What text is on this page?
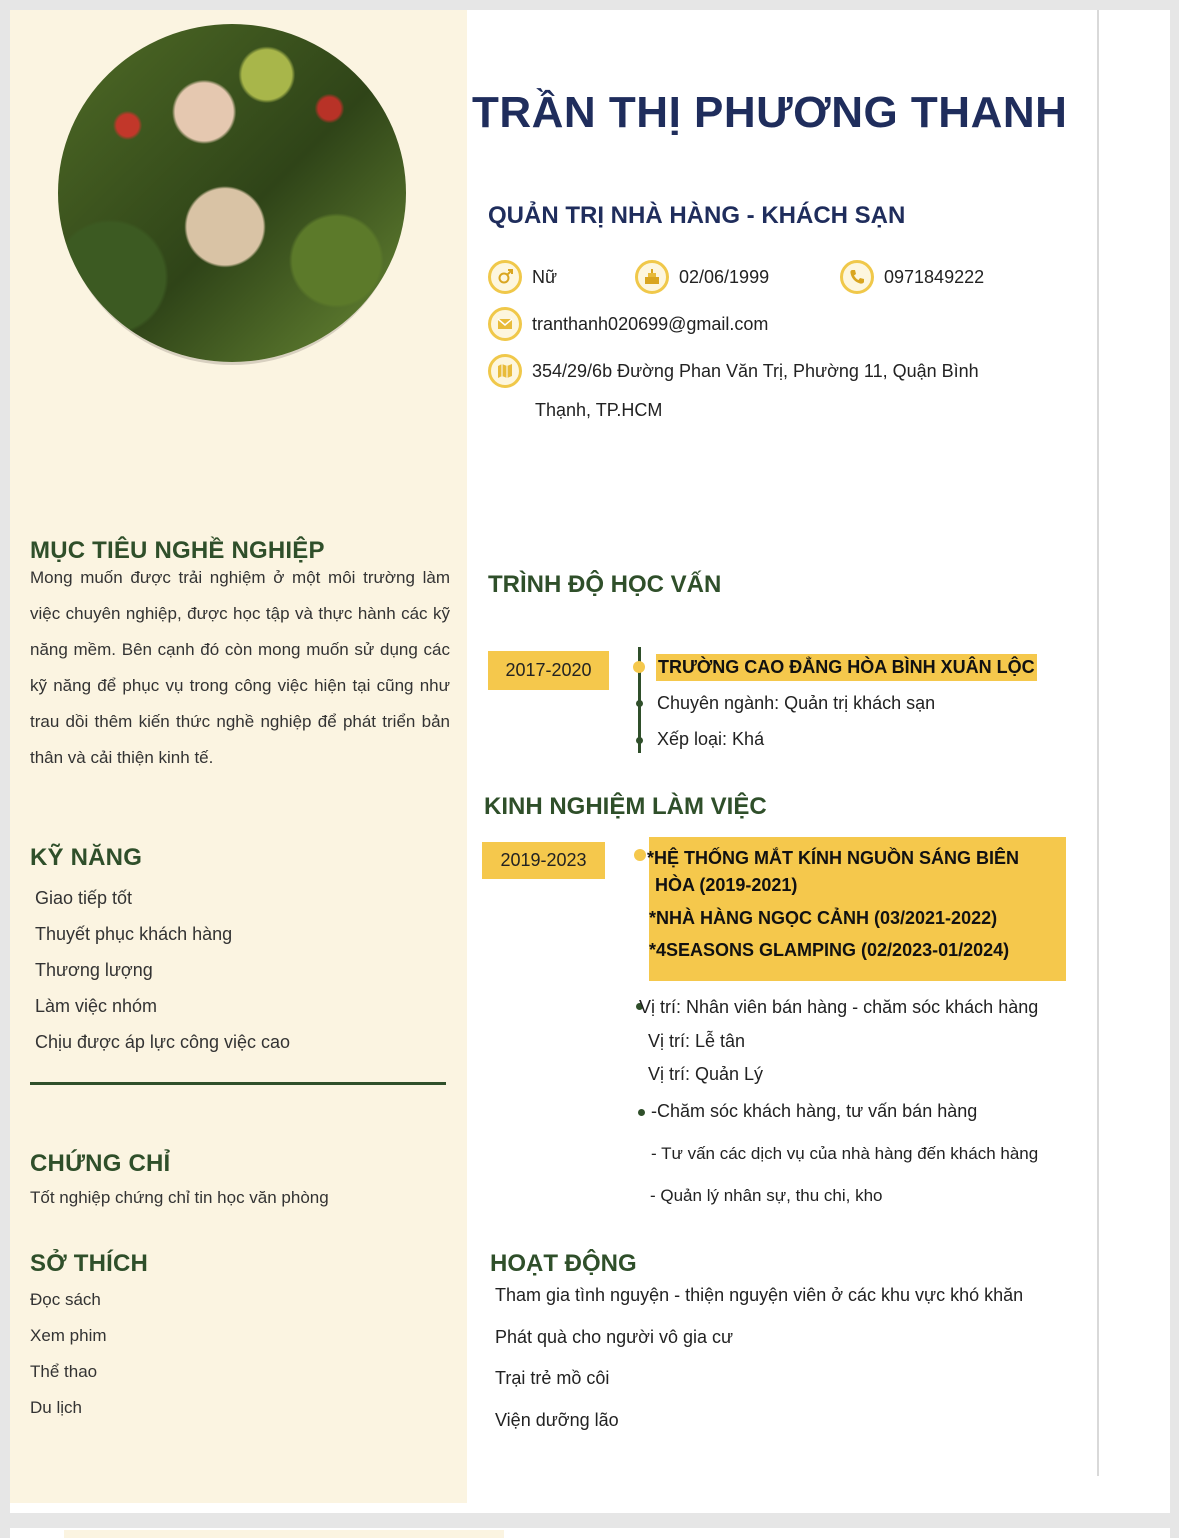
MỤC TIÊU NGHỀ NGHIỆP

Mong muốn được trải nghiệm ở một môi trường làm việc chuyên nghiệp, được học tập và thực hành các kỹ năng mềm. Bên cạnh đó còn mong muốn sử dụng các kỹ năng để phục vụ trong công việc hiện tại cũng như trau dồi thêm kiến thức nghề nghiệp để phát triển bản thân và cải thiện kinh tế.

KỸ NĂNG
Giao tiếp tốt
Thuyết phục khách hàng
Thương lượng
Làm việc nhóm
Chịu được áp lực công việc cao
CHỨNG CHỈ
Tốt nghiệp chứng chỉ tin học văn phòng
SỞ THÍCH
Đọc sách
Xem phim
Thể thao
Du lịch
TRẦN THỊ PHƯƠNG THANH
QUẢN TRỊ NHÀ HÀNG - KHÁCH SẠN
Nữ	02/06/1999	0971849222
tranthanh020699@gmail.com
354/29/6b Đường Phan Văn Trị, Phường 11, Quận Bình
Thạnh, TP.HCM
TRÌNH ĐỘ HỌC VẤN
2017-2020	TRƯỜNG CAO ĐẲNG HÒA BÌNH XUÂN LỘC
Chuyên ngành: Quản trị khách sạn
Xếp loại: Khá
KINH NGHIỆM LÀM VIỆC
2019-2023	*HỆ THỐNG MẮT KÍNH NGUỒN SÁNG BIÊN
HÒA (2019-2021)
*NHÀ HÀNG NGỌC CẢNH (03/2021-2022)
*4SEASONS GLAMPING (02/2023-01/2024)
Vị trí: Nhân viên bán hàng - chăm sóc khách hàng
Vị trí: Lễ tân
Vị trí: Quản Lý
-Chăm sóc khách hàng, tư vấn bán hàng
- Tư vấn các dịch vụ của nhà hàng đến khách hàng
- Quản lý nhân sự, thu chi, kho
HOẠT ĐỘNG
Tham gia tình nguyện - thiện nguyện viên ở các khu vực khó khăn
Phát quà cho người vô gia cư
Trại trẻ mồ côi
Viện dưỡng lão
